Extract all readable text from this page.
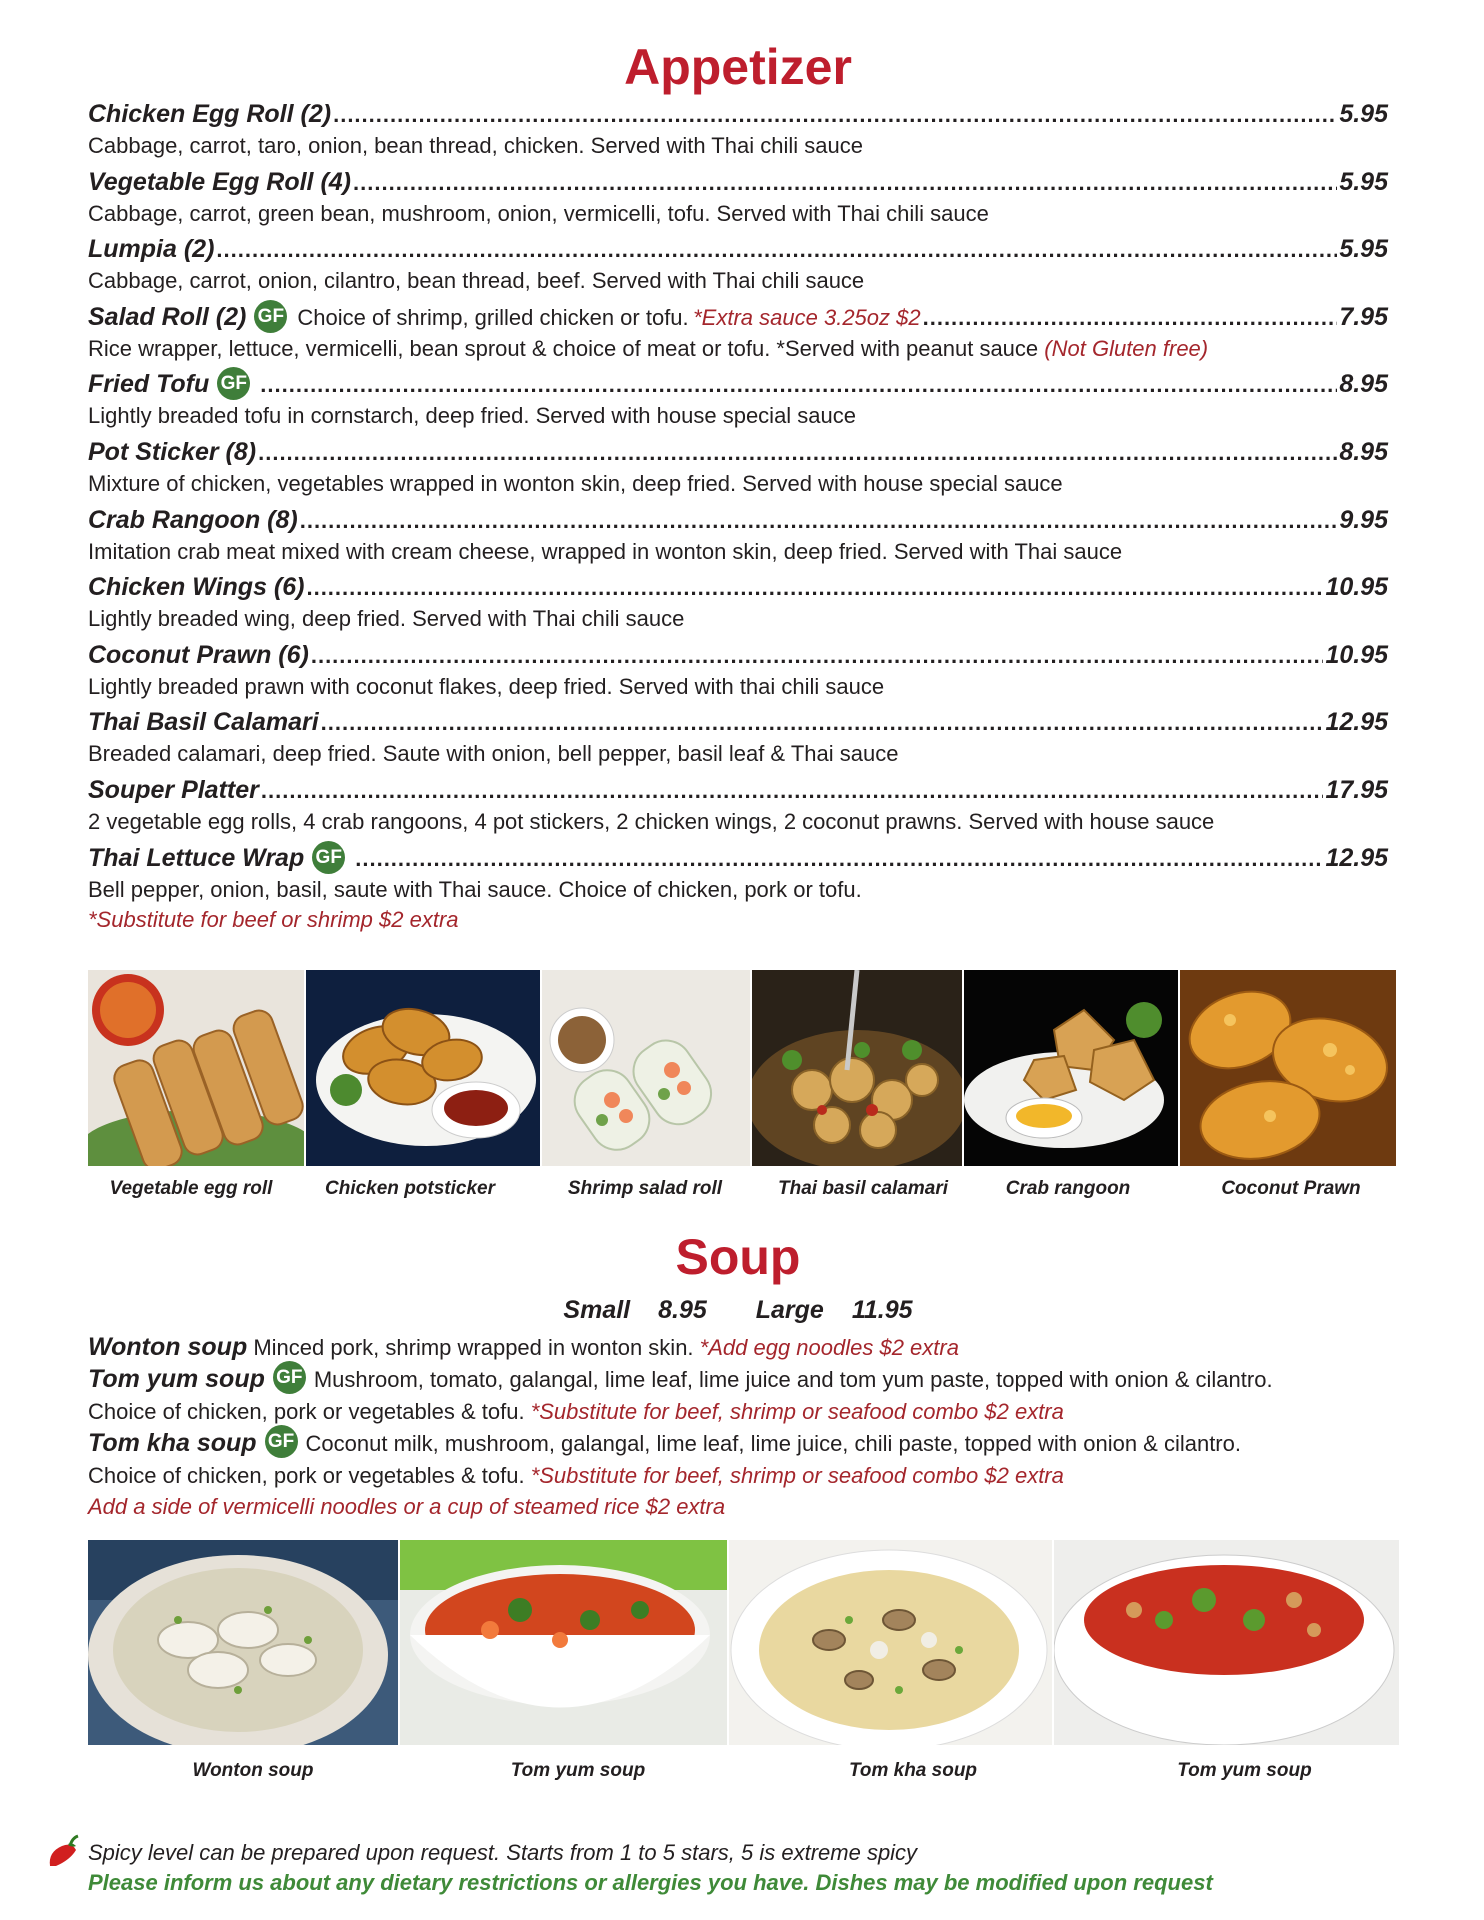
Appetizer
Chicken Egg Roll (2) .....	5.95
Cabbage, carrot, taro, onion, bean thread, chicken. Served with Thai chili sauce
Vegetable Egg Roll (4) .....	5.95
Cabbage, carrot, green bean, mushroom, onion, vermicelli, tofu. Served with Thai chili sauce
Lumpia (2) .....	5.95
Cabbage, carrot, onion, cilantro, bean thread, beef. Served with Thai chili sauce
Salad Roll (2) GF Choice of shrimp, grilled chicken or tofu.
*Extra sauce 3.25oz $2 .....	7.95
Rice wrapper, lettuce, vermicelli, bean sprout & choice of meat or tofu. *Served with peanut sauce (Not Gluten free)
Fried Tofu GF .....	8.95
Lightly breaded tofu in cornstarch, deep fried. Served with house special sauce
Pot Sticker (8) .....	8.95
Mixture of chicken, vegetables wrapped in wonton skin, deep fried. Served with house special sauce
Crab Rangoon (8) .....	9.95
Imitation crab meat mixed with cream cheese, wrapped in wonton skin, deep fried. Served with Thai sauce
Chicken Wings (6) .....	10.95
Lightly breaded wing, deep fried. Served with Thai chili sauce
Coconut Prawn (6) .....	10.95
Lightly breaded prawn with coconut flakes, deep fried. Served with thai chili sauce
Thai Basil Calamari .....	12.95
Breaded calamari, deep fried. Saute with onion, bell pepper, basil leaf & Thai sauce
Souper Platter .....	17.95
2 vegetable egg rolls, 4 crab rangoons, 4 pot stickers, 2 chicken wings, 2 coconut prawns. Served with house sauce
Thai Lettuce Wrap GF .....	12.95
Bell pepper, onion, basil, saute with Thai sauce. Choice of chicken, pork or tofu.
*Substitute for beef or shrimp $2 extra
Vegetable egg roll	Chicken potsticker	Shrimp salad roll	Thai basil calamari	Crab rangoon	Coconut Prawn
Soup
Small 8.95 Large 11.95
Wonton soup Minced pork, shrimp wrapped in wonton skin. *Add egg noodles $2 extra
Tom yum soup GF Mushroom, tomato, galangal, lime leaf, lime juice and tom yum paste, topped with onion & cilantro.
Choice of chicken, pork or vegetables & tofu. *Substitute for beef, shrimp or seafood combo $2 extra
Tom kha soup GF Coconut milk, mushroom, galangal, lime leaf, lime juice, chili paste, topped with onion & cilantro.
Choice of chicken, pork or vegetables & tofu. *Substitute for beef, shrimp or seafood combo $2 extra
Add a side of vermicelli noodles or a cup of steamed rice $2 extra
Wonton soup	Tom yum soup	Tom kha soup	Tom yum soup
Spicy level can be prepared upon request. Starts from 1 to 5 stars, 5 is extreme spicy
Please inform us about any dietary restrictions or allergies you have. Dishes may be modified upon request
